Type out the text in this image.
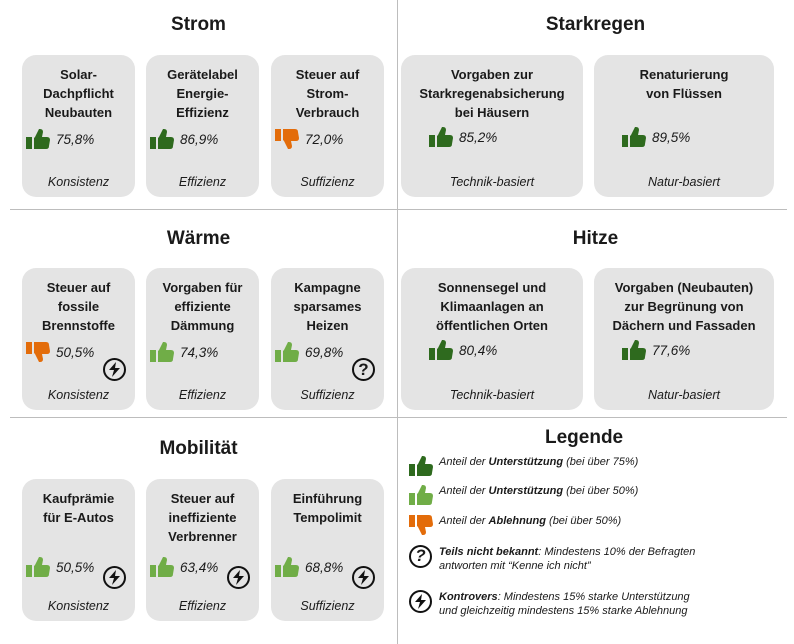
Strom
Solar-
Dachpflicht
Neubauten
75,8%
Konsistenz
Gerätelabel
Energie-
Effizienz
86,9%
Effizienz
Steuer auf
Strom-
Verbrauch
72,0%
Suffizienz
Starkregen
Vorgaben zur
Starkregenabsicherung
bei Häusern
85,2%
Technik-basiert
Renaturierung
von Flüssen
89,5%
Natur-basiert
Wärme
Steuer auf
fossile
Brennstoffe
50,5%
Konsistenz
Vorgaben für
effiziente
Dämmung
74,3%
Effizienz
Kampagne
sparsames
Heizen
69,8%
?
Suffizienz
Hitze
Sonnensegel und
Klimaanlagen an
öffentlichen Orten
80,4%
Technik-basiert
Vorgaben (Neubauten)
zur Begrünung von
Dächern und Fassaden
77,6%
Natur-basiert
Mobilität
Kaufprämie
für E-Autos
50,5%
Konsistenz
Steuer auf
ineffiziente
Verbrenner
63,4%
Effizienz
Einführung
Tempolimit
68,8%
Suffizienz
Legende
Anteil der Unterstützung (bei über 75%)
Anteil der Unterstützung (bei über 50%)
Anteil der Ablehnung (bei über 50%)
? Teils nicht bekannt: Mindestens 10% der Befragten
antworten mit “Kenne ich nicht”
Kontrovers: Mindestens 15% starke Unterstützung
und gleichzeitig mindestens 15% starke Ablehnung
